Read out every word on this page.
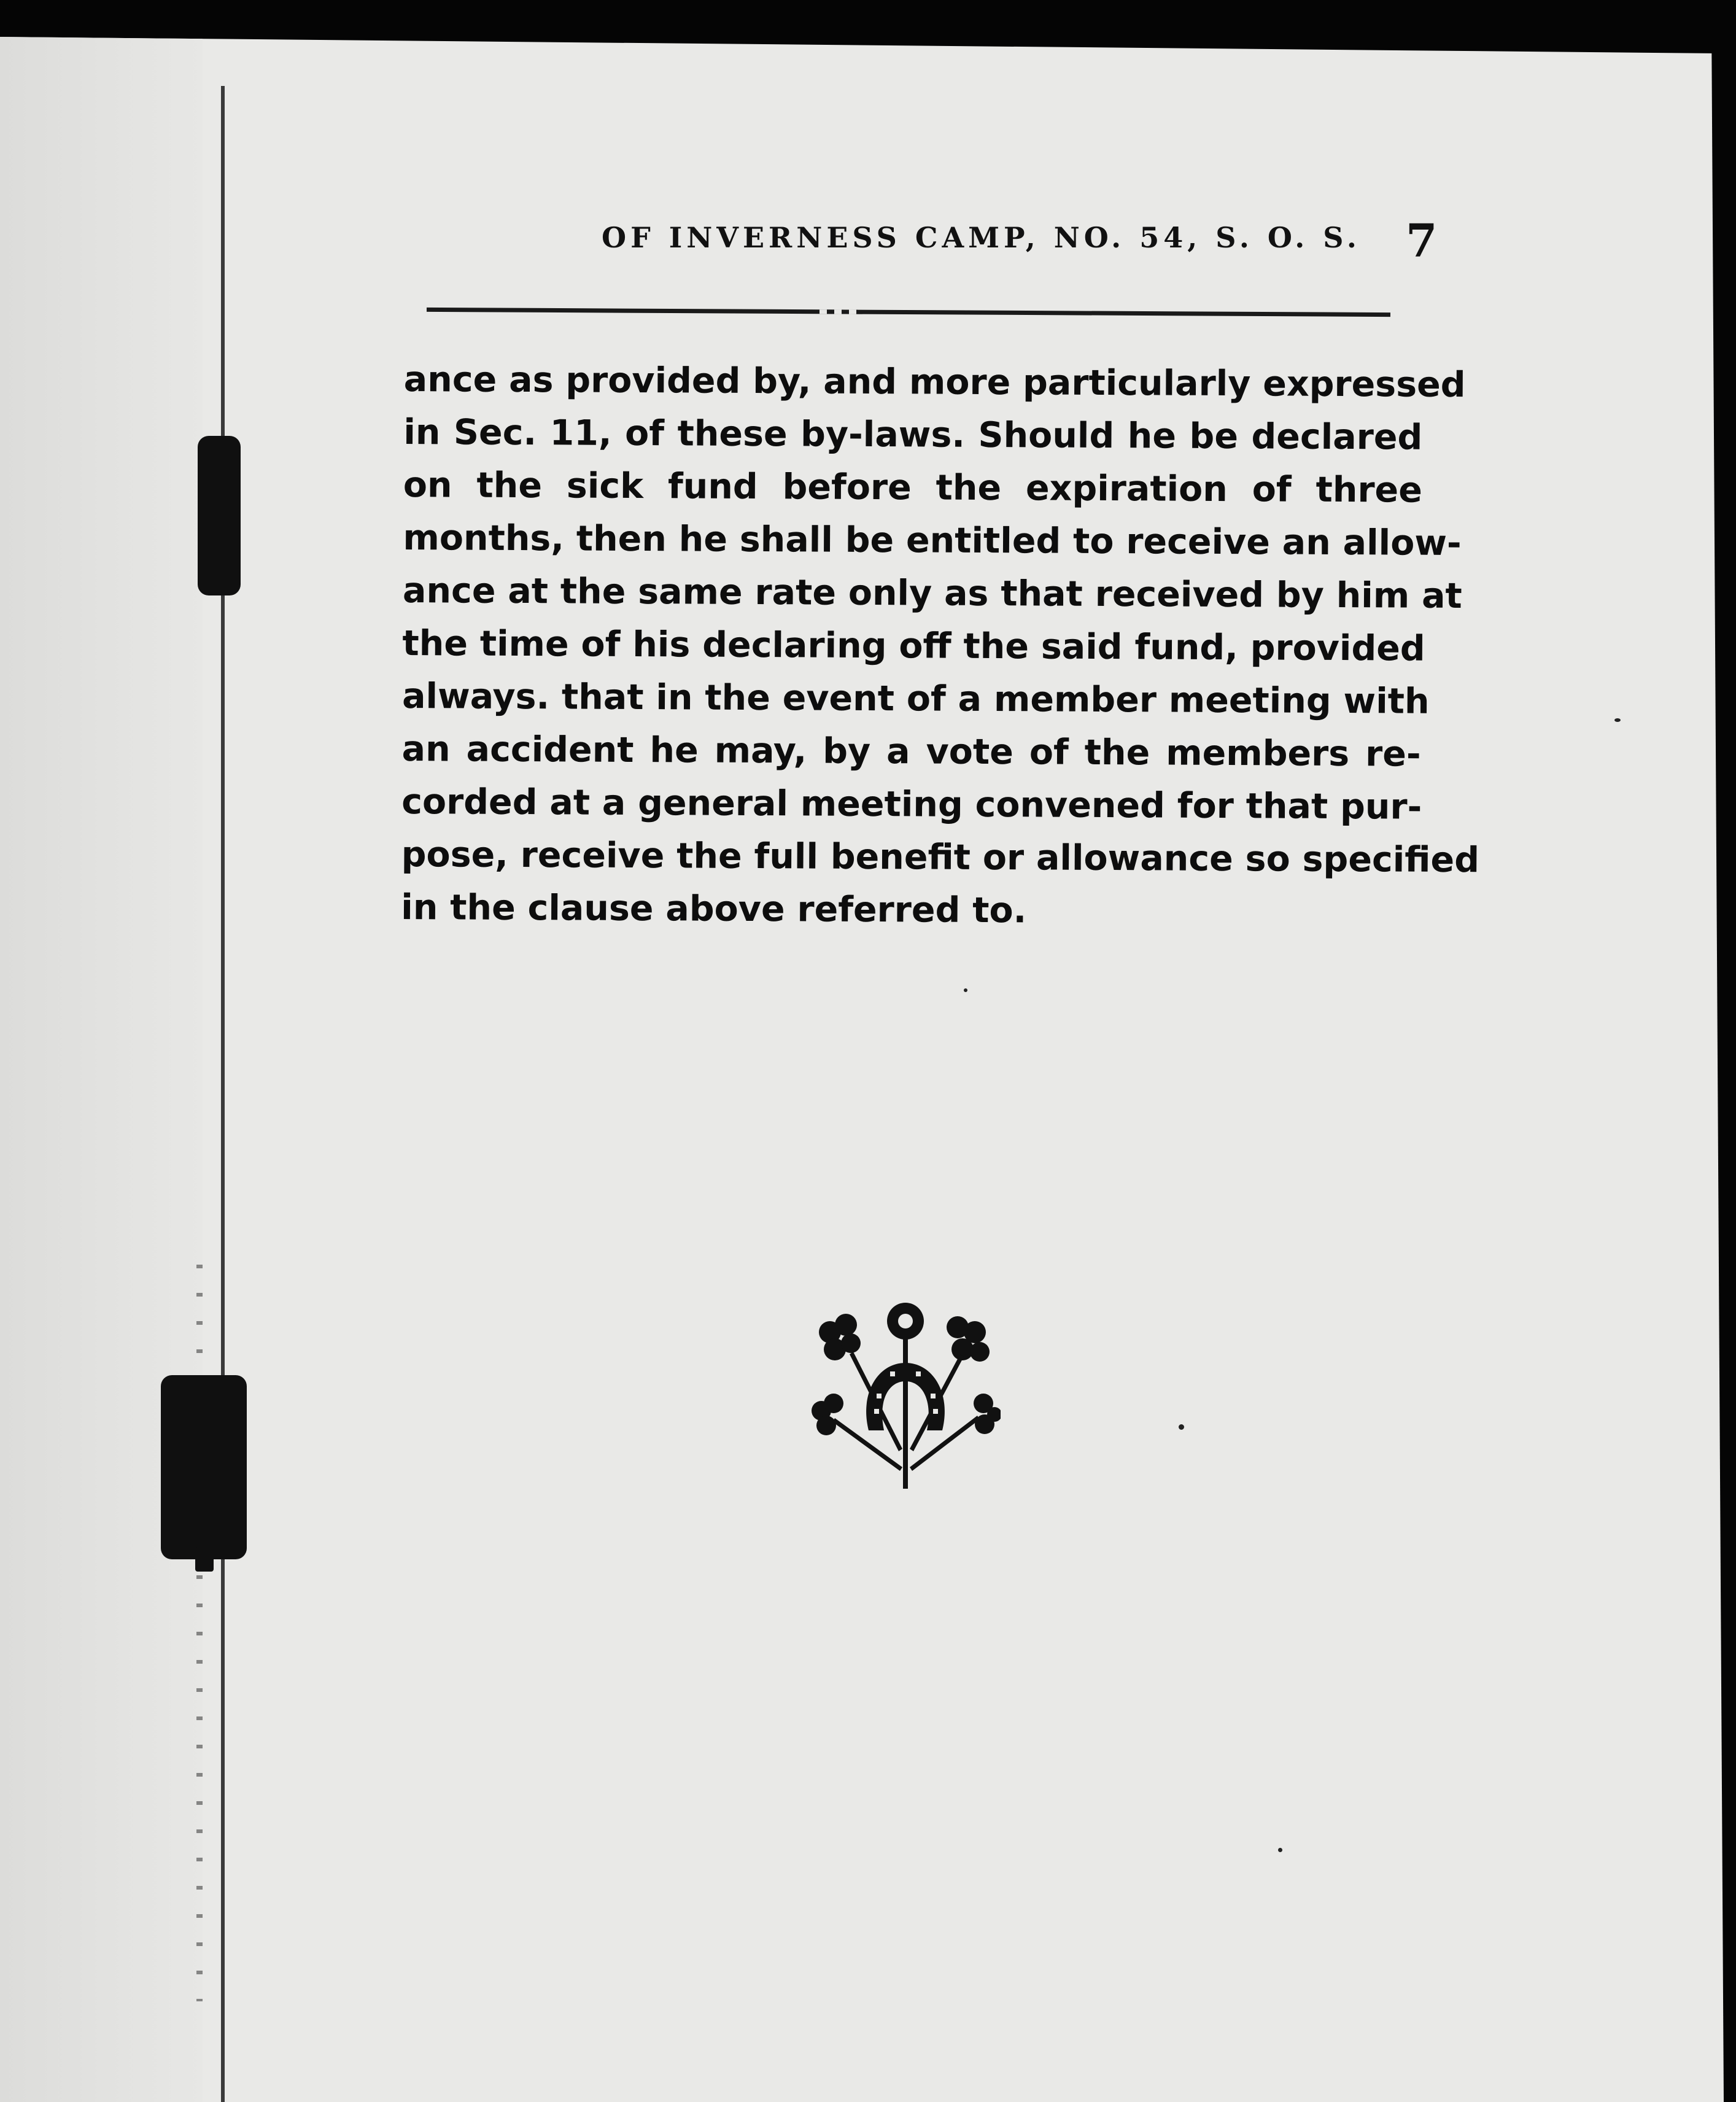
OF INVERNESS CAMP, NO. 54, S. O. S. 7
ance as provided by, and more particularly expressed
in Sec. 11, of these by-laws. Should he be declared
on the sick fund before the expiration of three
months, then he shall be entitled to receive an allow-
ance at the same rate only as that received by him at
the time of his declaring off the said fund, provided
always. that in the event of a member meeting with
an accident he may, by a vote of the members re-
corded at a general meeting convened for that pur-
pose, receive the full benefit or allowance so specified
in the clause above referred to.
